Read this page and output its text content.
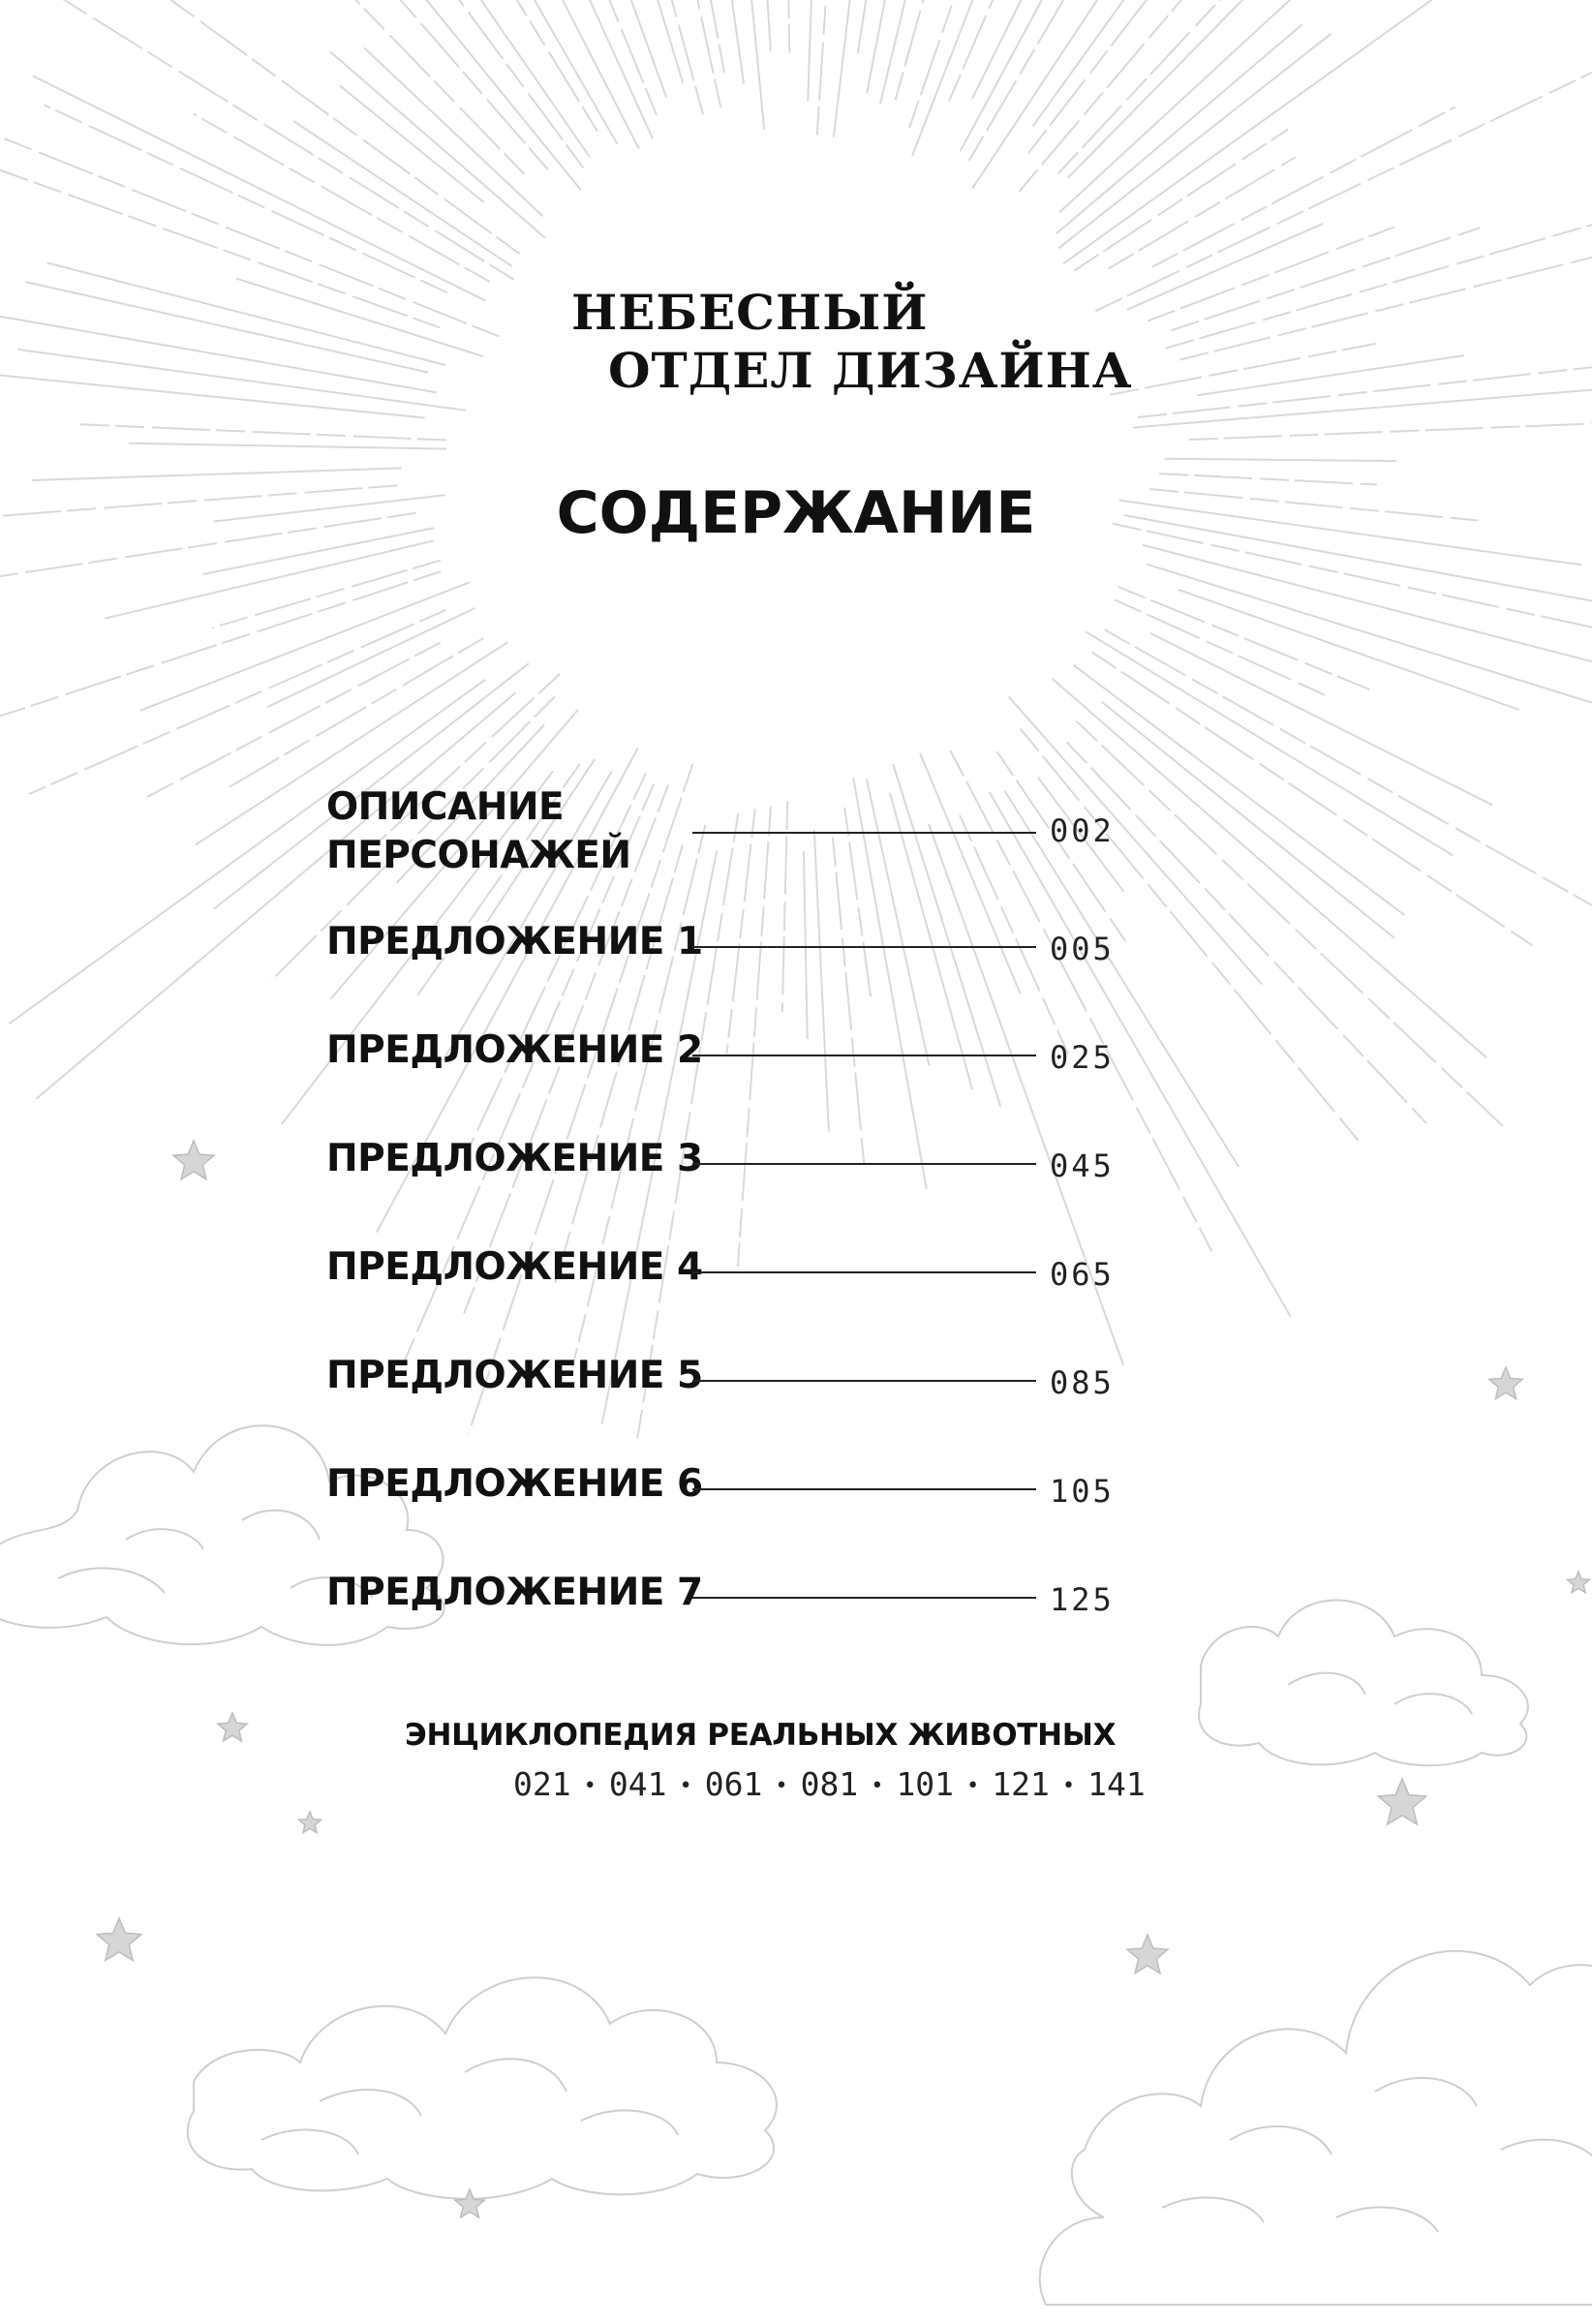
НЕБЕСНЫЙ
ОТДЕЛ ДИЗАЙНА
СОДЕРЖАНИЕ
ОПИСАНИЕ
ПЕРСОНАЖЕЙ
002
ПРЕДЛОЖЕНИЕ 1	005
ПРЕДЛОЖЕНИЕ 2	025
ПРЕДЛОЖЕНИЕ 3	045
ПРЕДЛОЖЕНИЕ 4	065
ПРЕДЛОЖЕНИЕ 5	085
ПРЕДЛОЖЕНИЕ 6	105
ПРЕДЛОЖЕНИЕ 7	125
ЭНЦИКЛОПЕДИЯ РЕАЛЬНЫХ ЖИВОТНЫХ
021 • 041 • 061 • 081 • 101 • 121 • 141
